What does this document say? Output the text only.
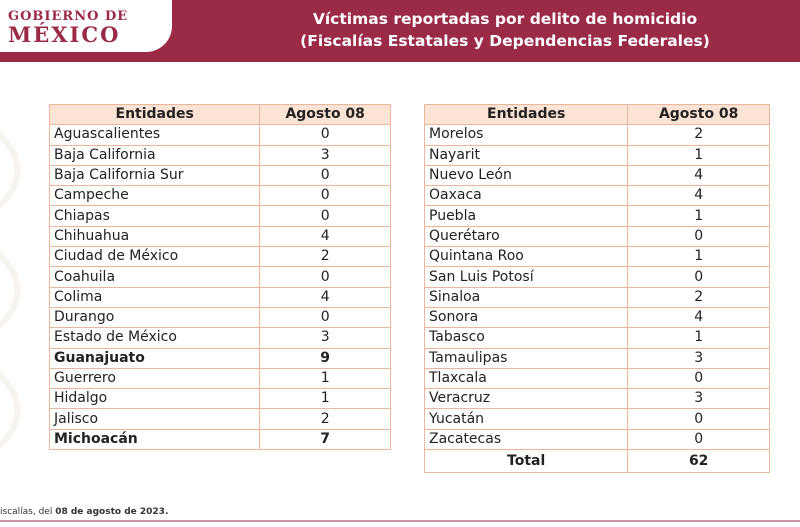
GOBIERNO DE
MÉXICO
Víctimas reportadas por delito de homicidio
(Fiscalías Estatales y Dependencias Federales)
Entidades	Agosto 08
Aguascalientes	0
Baja California	3
Baja California Sur	0
Campeche	0
Chiapas	0
Chihuahua	4
Ciudad de México	2
Coahuila	0
Colima	4
Durango	0
Estado de México	3
Guanajuato	9
Guerrero	1
Hidalgo	1
Jalisco	2
Michoacán	7
Entidades	Agosto 08
Morelos	2
Nayarit	1
Nuevo León	4
Oaxaca	4
Puebla	1
Querétaro	0
Quintana Roo	1
San Luis Potosí	0
Sinaloa	2
Sonora	4
Tabasco	1
Tamaulipas	3
Tlaxcala	0
Veracruz	3
Yucatán	0
Zacatecas	0
Total	62
iscalías, del 08 de agosto de 2023.
